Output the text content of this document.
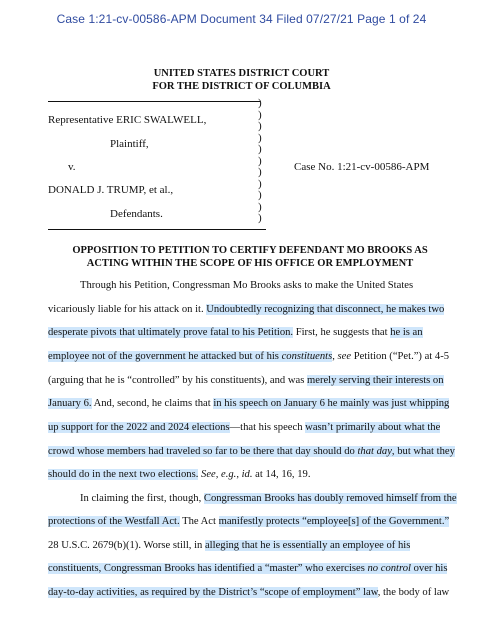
Case 1:21-cv-00586-APM Document 34 Filed 07/27/21 Page 1 of 24
UNITED STATES DISTRICT COURT
FOR THE DISTRICT OF COLUMBIA
Representative ERIC SWALWELL,
Plaintiff,
v.
DONALD J. TRUMP, et al.,
Defendants.
Case No. 1:21-cv-00586-APM
)
)
)
)
)
)
)
)
)
)
)
OPPOSITION TO PETITION TO CERTIFY DEFENDANT MO BROOKS AS
ACTING WITHIN THE SCOPE OF HIS OFFICE OR EMPLOYMENT
Through his Petition, Congressman Mo Brooks asks to make the United States
vicariously liable for his attack on it. Undoubtedly recognizing that disconnect, he makes two
desperate pivots that ultimately prove fatal to his Petition. First, he suggests that he is an
employee not of the government he attacked but of his constituents, see Petition (“Pet.”) at 4-5
(arguing that he is “controlled” by his constituents), and was merely serving their interests on
January 6. And, second, he claims that in his speech on January 6 he mainly was just whipping
up support for the 2022 and 2024 elections—that his speech wasn’t primarily about what the
crowd whose members had traveled so far to be there that day should do that day, but what they
should do in the next two elections. See, e.g., id. at 14, 16, 19.
In claiming the first, though, Congressman Brooks has doubly removed himself from the
protections of the Westfall Act. The Act manifestly protects “employee[s] of the Government.”
28 U.S.C. 2679(b)(1). Worse still, in alleging that he is essentially an employee of his
constituents, Congressman Brooks has identified a “master” who exercises no control over his
day-to-day activities, as required by the District’s “scope of employment” law, the body of law
